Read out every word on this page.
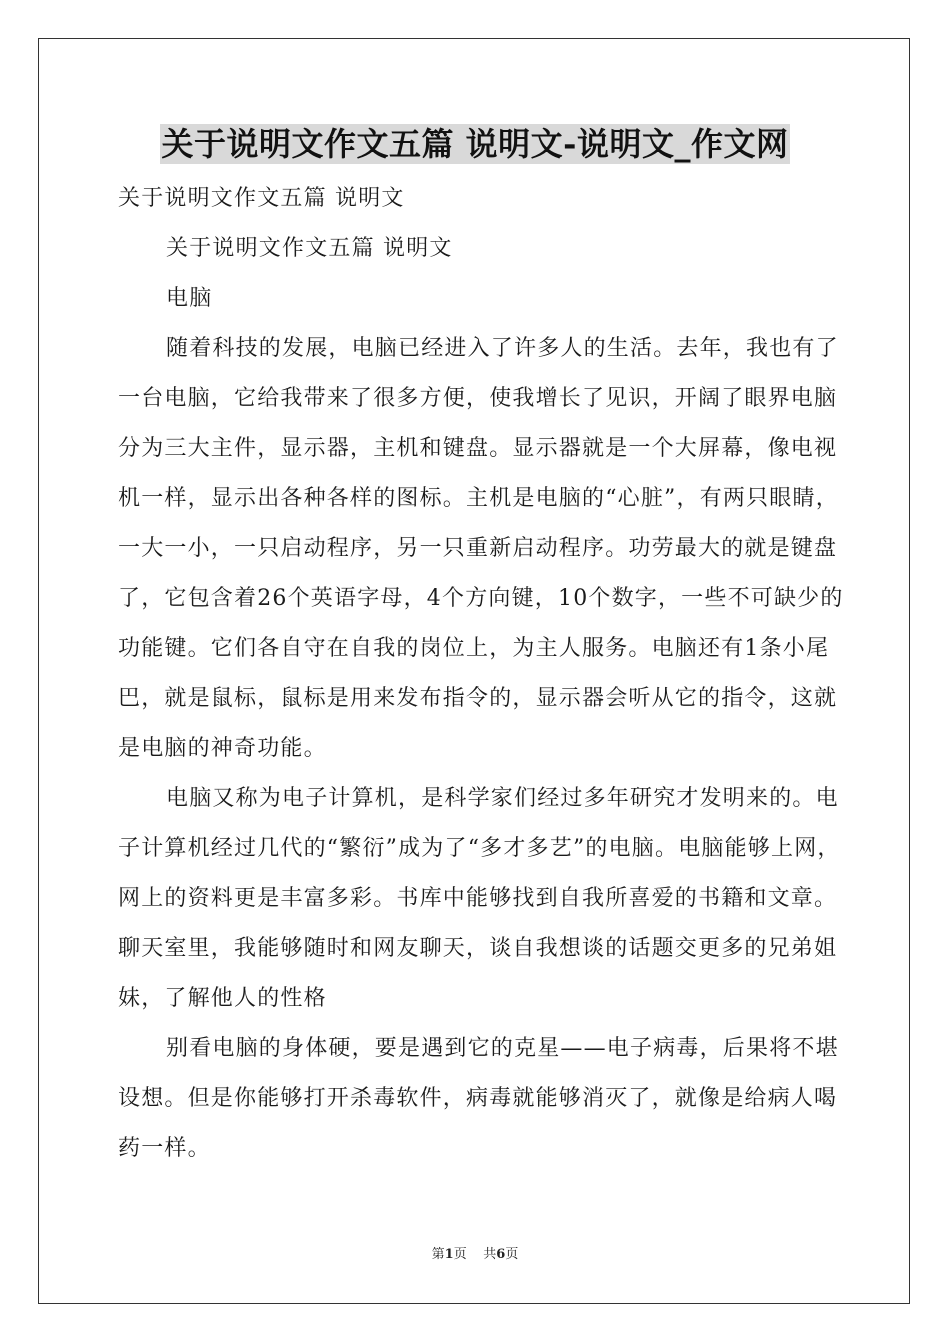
关于说明文作文五篇 说明文-说明文_作文网

关于说明文作文五篇 说明文

关于说明文作文五篇 说明文

电脑

随着科技的发展，电脑已经进入了许多人的生活。去年，我也有了一台电脑，它给我带来了很多方便，使我增长了见识，开阔了眼界电脑分为三大主件，显示器，主机和键盘。显示器就是一个大屏幕，像电视机一样，显示出各种各样的图标。主机是电脑的“心脏”，有两只眼睛，一大一小，一只启动程序，另一只重新启动程序。功劳最大的就是键盘了，它包含着26个英语字母，4个方向键，10个数字，一些不可缺少的功能键。它们各自守在自我的岗位上，为主人服务。电脑还有1条小尾巴，就是鼠标，鼠标是用来发布指令的，显示器会听从它的指令，这就是电脑的神奇功能。

电脑又称为电子计算机，是科学家们经过多年研究才发明来的。电子计算机经过几代的“繁衍”成为了“多才多艺”的电脑。电脑能够上网，网上的资料更是丰富多彩。书库中能够找到自我所喜爱的书籍和文章。聊天室里，我能够随时和网友聊天，谈自我想谈的话题交更多的兄弟姐妹，了解他人的性格

别看电脑的身体硬，要是遇到它的克星——电子病毒，后果将不堪设想。但是你能够打开杀毒软件，病毒就能够消灭了，就像是给病人喝药一样。

第1页 共6页
